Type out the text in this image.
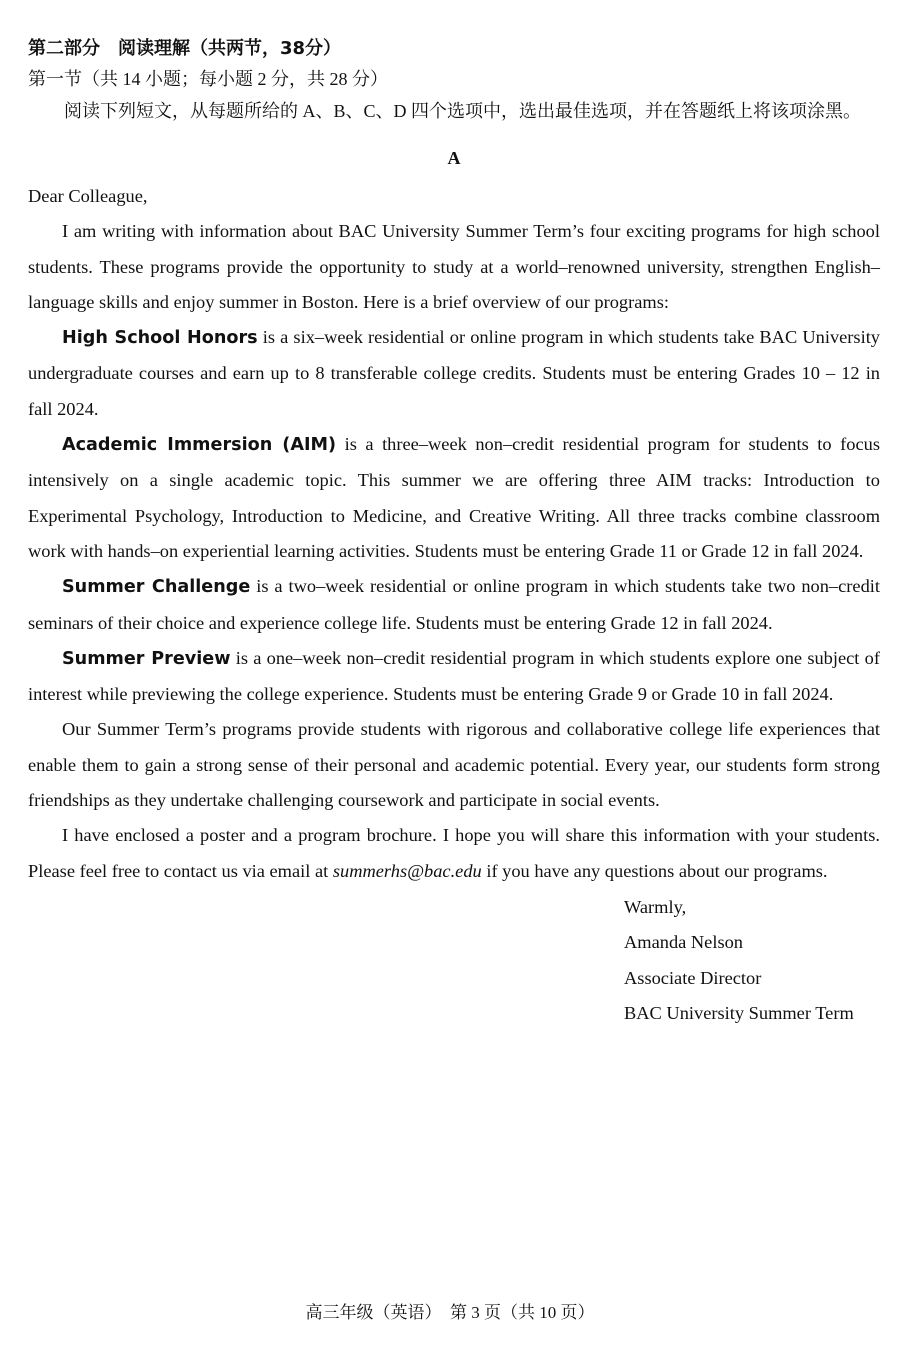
第二部分　阅读理解（共两节，38分）

第一节（共 14 小题；每小题 2 分，共 28 分）

阅读下列短文，从每题所给的 A、B、C、D 四个选项中，选出最佳选项，并在答题纸上将该项涂黑。

A

Dear Colleague,

I am writing with information about BAC University Summer Term’s four exciting programs for high school students. These programs provide the opportunity to study at a world–renowned university, strengthen English–language skills and enjoy summer in Boston. Here is a brief overview of our programs:

High School Honors is a six–week residential or online program in which students take BAC University undergraduate courses and earn up to 8 transferable college credits. Students must be entering Grades 10 – 12 in fall 2024.

Academic Immersion (AIM) is a three–week non–credit residential program for students to focus intensively on a single academic topic. This summer we are offering three AIM tracks: Introduction to Experimental Psychology, Introduction to Medicine, and Creative Writing. All three tracks combine classroom work with hands–on experiential learning activities. Students must be entering Grade 11 or Grade 12 in fall 2024.

Summer Challenge is a two–week residential or online program in which students take two non–credit seminars of their choice and experience college life. Students must be entering Grade 12 in fall 2024.

Summer Preview is a one–week non–credit residential program in which students explore one subject of interest while previewing the college experience. Students must be entering Grade 9 or Grade 10 in fall 2024.

Our Summer Term’s programs provide students with rigorous and collaborative college life experiences that enable them to gain a strong sense of their personal and academic potential. Every year, our students form strong friendships as they undertake challenging coursework and participate in social events.

I have enclosed a poster and a program brochure. I hope you will share this information with your students. Please feel free to contact us via email at summerhs@bac.edu if you have any questions about our programs.

Warmly,
Amanda Nelson
Associate Director
BAC University Summer Term
高三年级（英语）　第 3 页（共 10 页）
